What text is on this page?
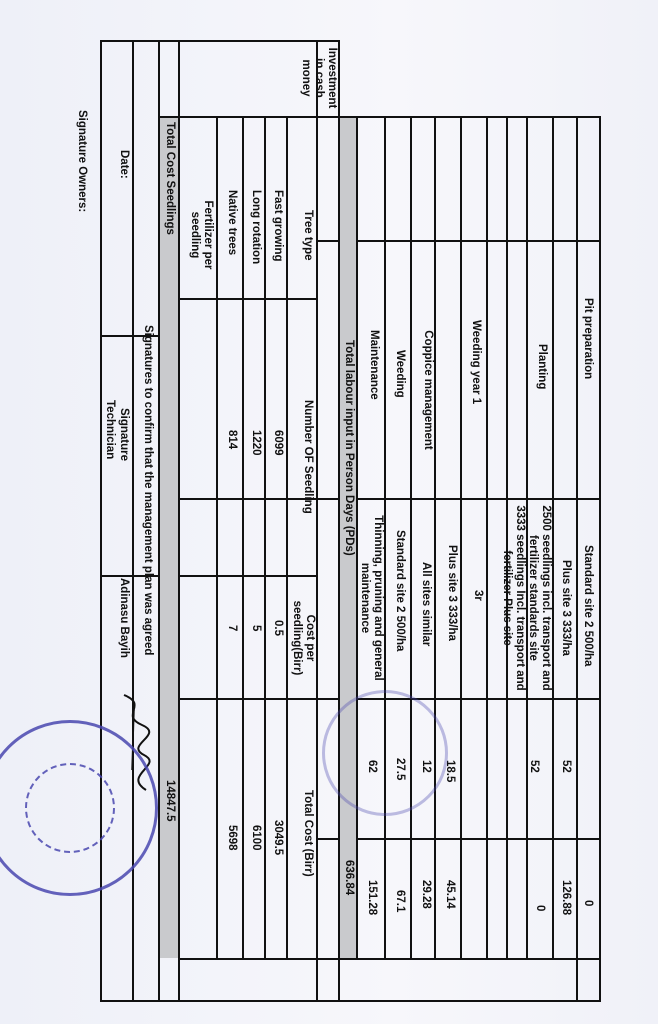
Investment in cash money
Pit preparation
Standard site 2 500/ha
0
Plus site 3 333/ha
52
126.88
Planting
2500 seedlings incl. transport and fertilizer standards site
52
0
3333 seedlings Incl. transport and fertilizer Plus site
Weeding year 1
3r
Plus site 3 333/ha
18.5
45.14
Coppice management
All sites similar
12
29.28
Weeding
Standard site 2 500/ha
27.5
67.1
Maintenance
Thinning, pruning and general maintenance
62
151.28
Total labour input in Person Days (PDs)
636.84
Tree type
Number OF Seedling
Cost per seedling(Birr)
Total Cost (Birr)
Fast growing
6099
0.5
3049.5
Long rotation
1220
5
6100
Native trees
814
7
5698
Fertilizer per seedling
Total Cost Seedlings
14847.5
Signatures to confirm that the management plan was agreed
Signature
Technician
Adinasu Bayih
Date:
Signature Owners:
